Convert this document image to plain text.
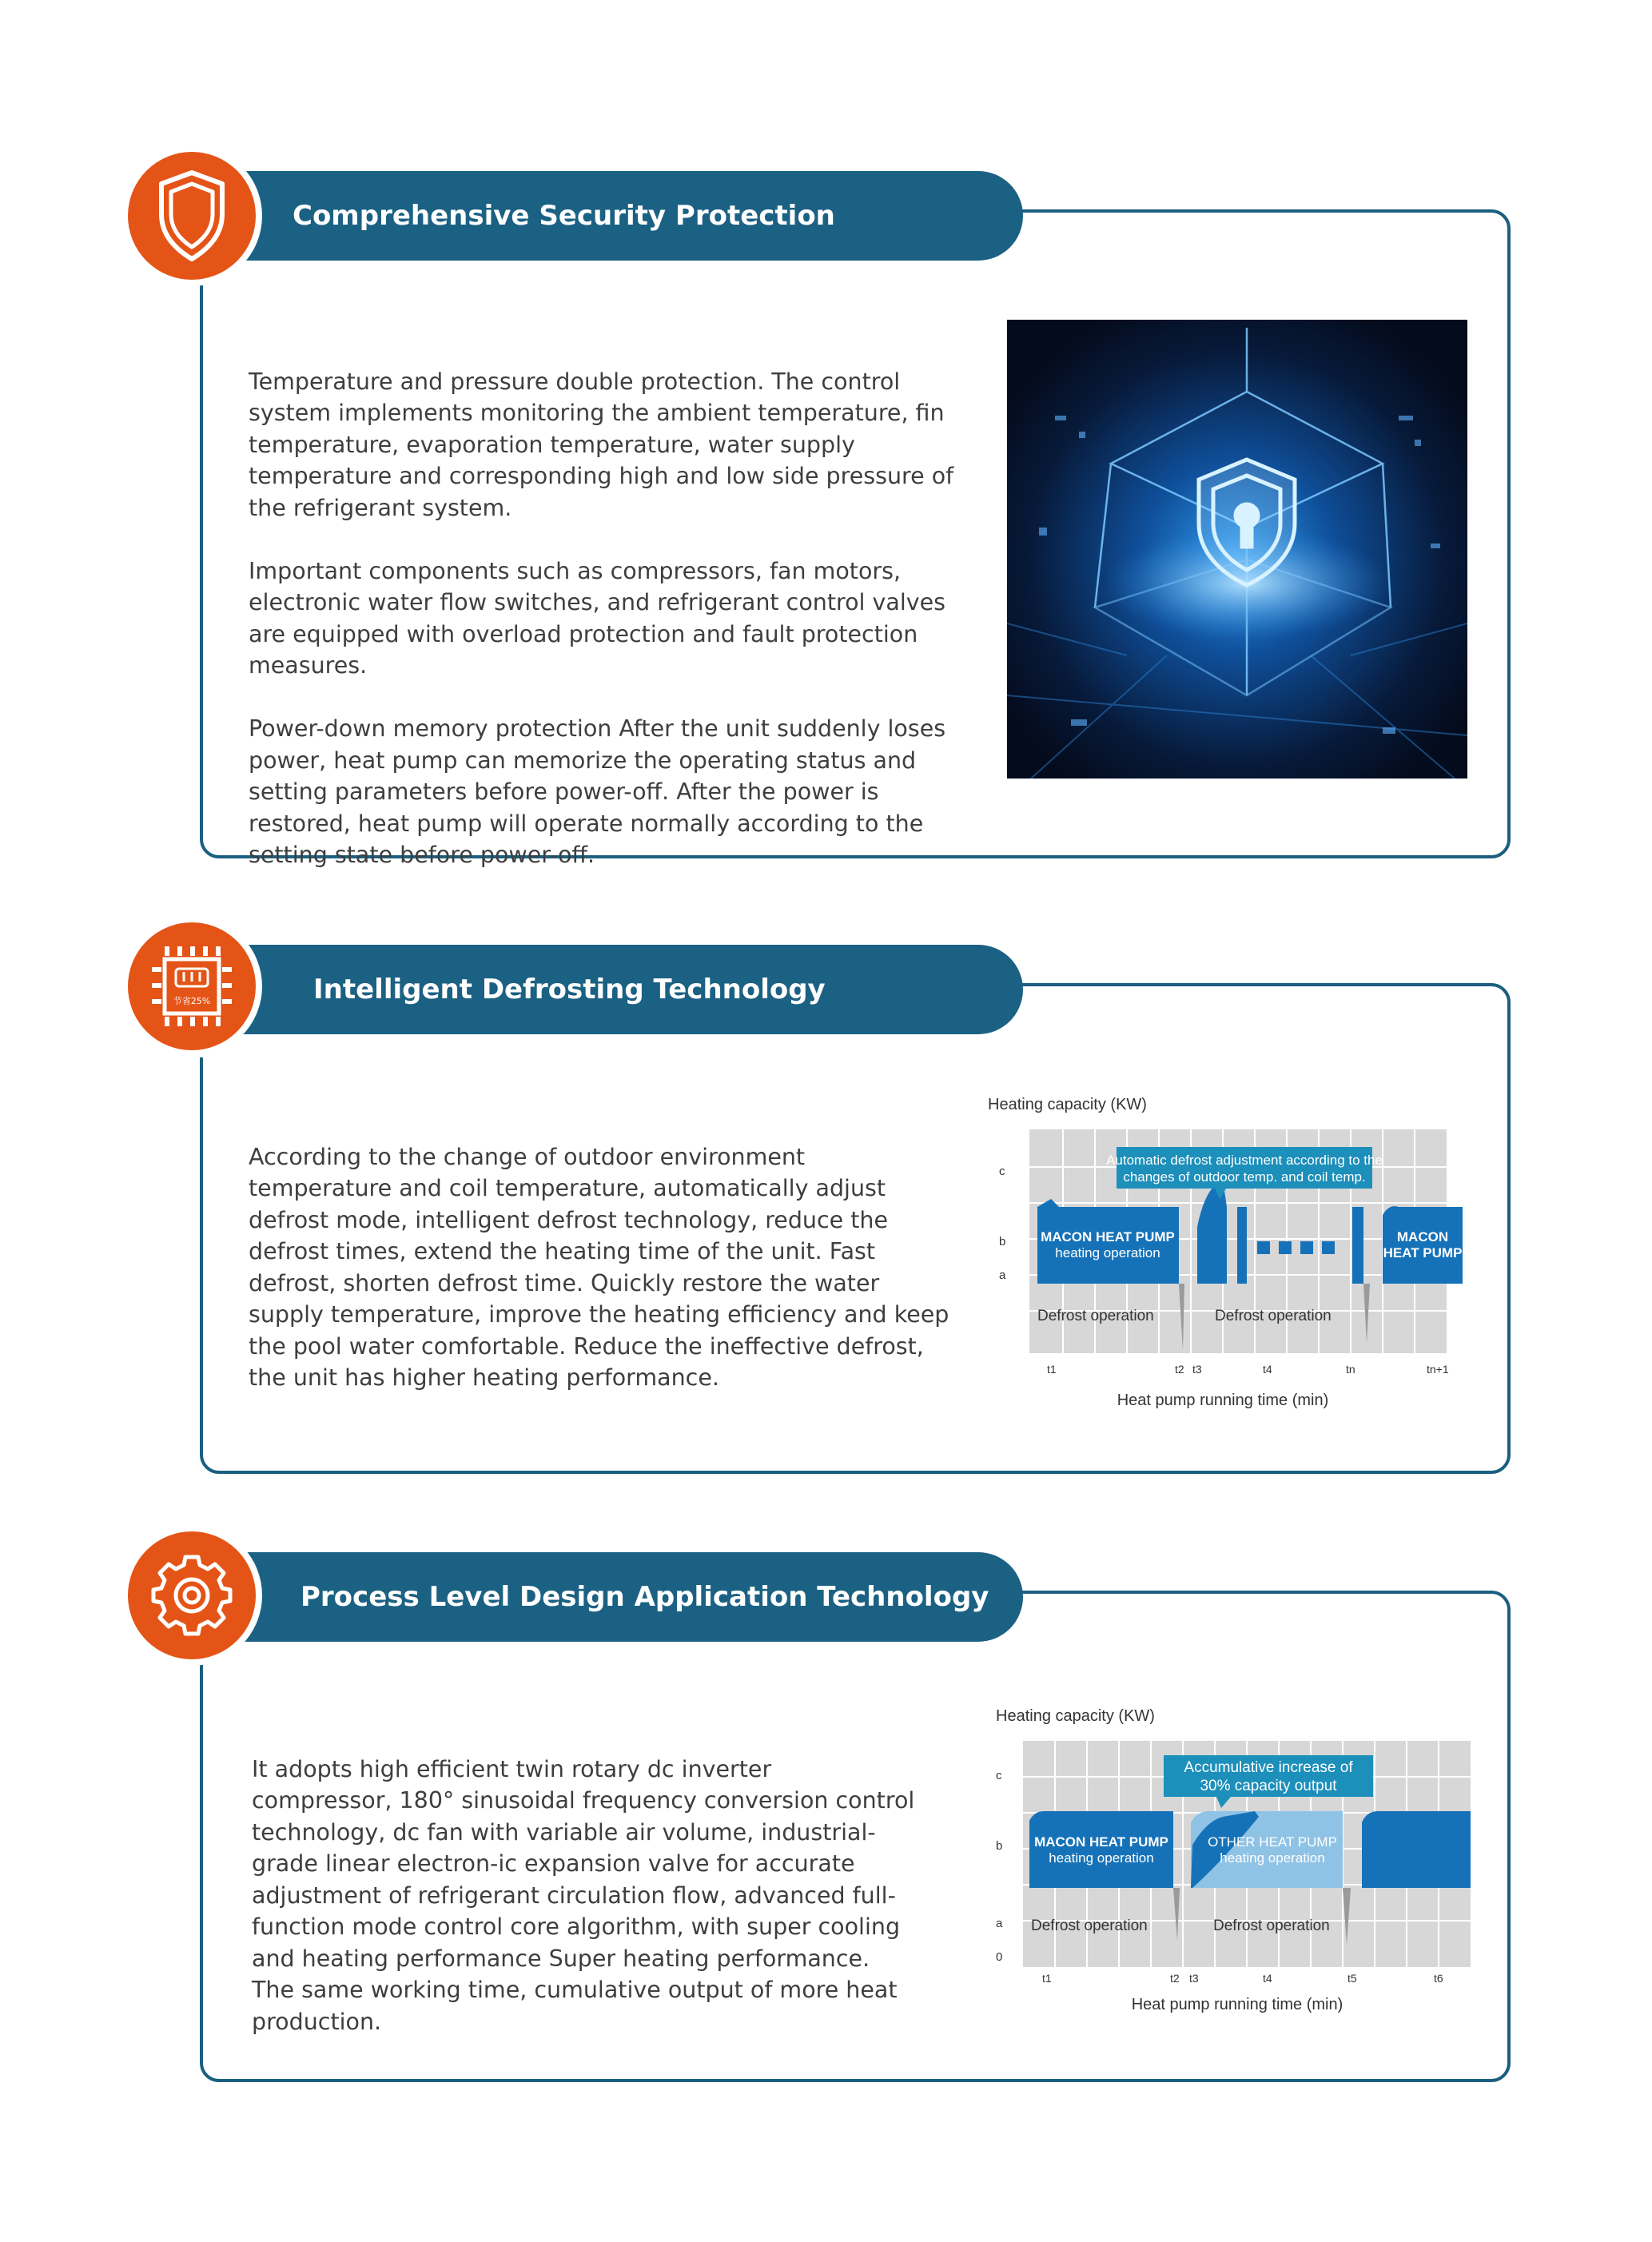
Comprehensive Security Protection

Temperature and pressure double protection. The control system implements monitoring the ambient temperature, fin temperature, evaporation temperature, water supply temperature and corresponding high and low side pressure of the refrigerant system.

Important components such as compressors, fan motors, electronic water flow switches, and refrigerant control valves are equipped with overload protection and fault protection measures.

Power-down memory protection After the unit suddenly loses power, heat pump can memorize the operating status and setting parameters before power-off. After the power is restored, heat pump will operate normally according to the setting state before power-off.

Intelligent Defrosting Technology
节省25%

According to the change of outdoor environment temperature and coil temperature, automatically adjust defrost mode, intelligent defrost technology, reduce the defrost times, extend the heating time of the unit. Fast defrost, shorten defrost time. Quickly restore the water supply temperature, improve the heating efficiency and keep the pool water comfortable. Reduce the ineffective defrost, the unit has higher heating performance.

Heating capacity (KW)
c
b
a
Automatic defrost adjustment according to the
changes of outdoor temp. and coil temp.
MACON HEAT PUMP
heating operation
MACON
HEAT PUMP
Defrost operation	Defrost operation
t1	t2 t3	t4	tn	tn+1
Heat pump running time (min)
Process Level Design Application Technology

It adopts high efficient twin rotary dc inverter compressor, 180° sinusoidal frequency conversion control technology, dc fan with variable air volume, industrial-grade linear electron-ic expansion valve for accurate adjustment of refrigerant circulation flow, advanced full-function mode control core algorithm, with super cooling and heating performance Super heating performance. The same working time, cumulative output of more heat production.

Heating capacity (KW)
c
b
a
0
Accumulative increase of
30% capacity output
MACON HEAT PUMP
heating operation
OTHER HEAT PUMP
heating operation
Defrost operation	Defrost operation
t1	t2 t3	t4	t5	t6
Heat pump running time (min)
